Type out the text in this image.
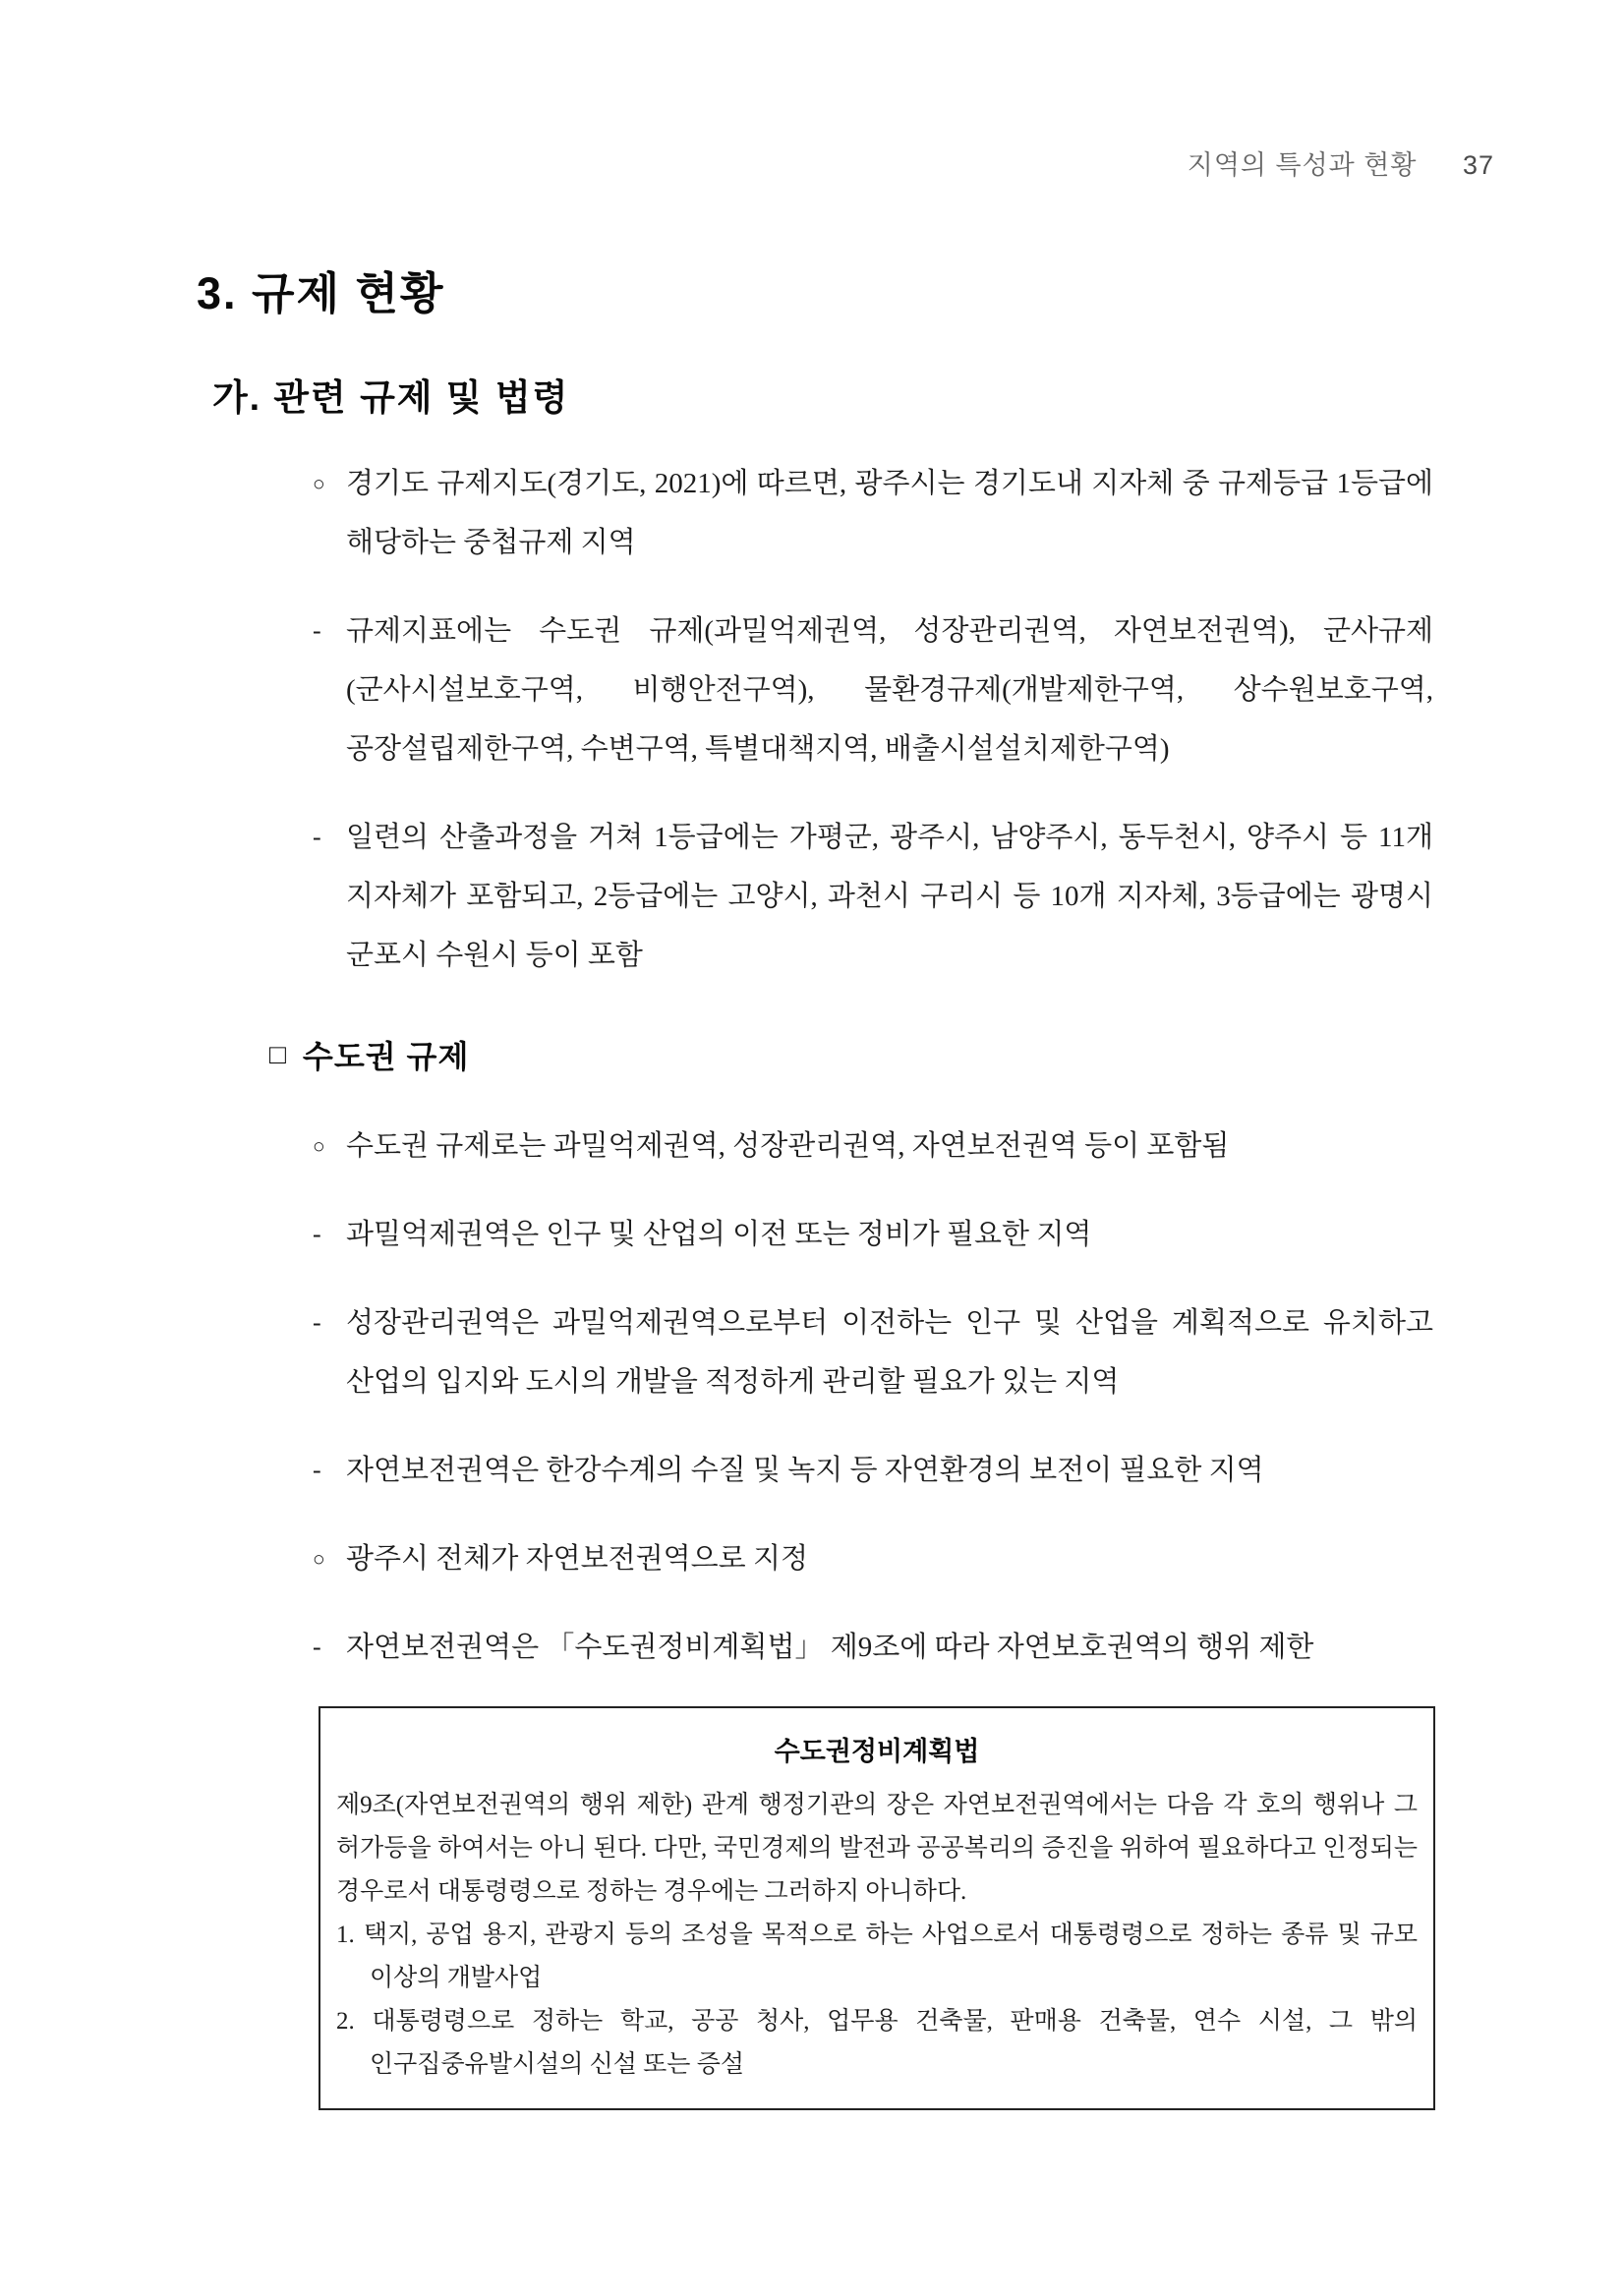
지역의 특성과 현황 37
3. 규제 현황
가. 관련 규제 및 법령
○ 경기도 규제지도(경기도, 2021)에 따르면, 광주시는 경기도내 지자체 중 규제등급 1등급에 해당하는 중첩규제 지역
- 규제지표에는 수도권 규제(과밀억제권역, 성장관리권역, 자연보전권역), 군사규제(군사시설보호구역, 비행안전구역), 물환경규제(개발제한구역, 상수원보호구역, 공장설립제한구역, 수변구역, 특별대책지역, 배출시설설치제한구역)
- 일련의 산출과정을 거쳐 1등급에는 가평군, 광주시, 남양주시, 동두천시, 양주시 등 11개 지자체가 포함되고, 2등급에는 고양시, 과천시 구리시 등 10개 지자체, 3등급에는 광명시 군포시 수원시 등이 포함
□ 수도권 규제
○ 수도권 규제로는 과밀억제권역, 성장관리권역, 자연보전권역 등이 포함됨
- 과밀억제권역은 인구 및 산업의 이전 또는 정비가 필요한 지역
- 성장관리권역은 과밀억제권역으로부터 이전하는 인구 및 산업을 계획적으로 유치하고 산업의 입지와 도시의 개발을 적정하게 관리할 필요가 있는 지역
- 자연보전권역은 한강수계의 수질 및 녹지 등 자연환경의 보전이 필요한 지역
○ 광주시 전체가 자연보전권역으로 지정
- 자연보전권역은 「수도권정비계획법」 제9조에 따라 자연보호권역의 행위 제한
수도권정비계획법

제9조(자연보전권역의 행위 제한) 관계 행정기관의 장은 자연보전권역에서는 다음 각 호의 행위나 그 허가등을 하여서는 아니 된다. 다만, 국민경제의 발전과 공공복리의 증진을 위하여 필요하다고 인정되는 경우로서 대통령령으로 정하는 경우에는 그러하지 아니하다.

1. 택지, 공업 용지, 관광지 등의 조성을 목적으로 하는 사업으로서 대통령령으로 정하는 종류 및 규모 이상의 개발사업

2. 대통령령으로 정하는 학교, 공공 청사, 업무용 건축물, 판매용 건축물, 연수 시설, 그 밖의 인구집중유발시설의 신설 또는 증설
